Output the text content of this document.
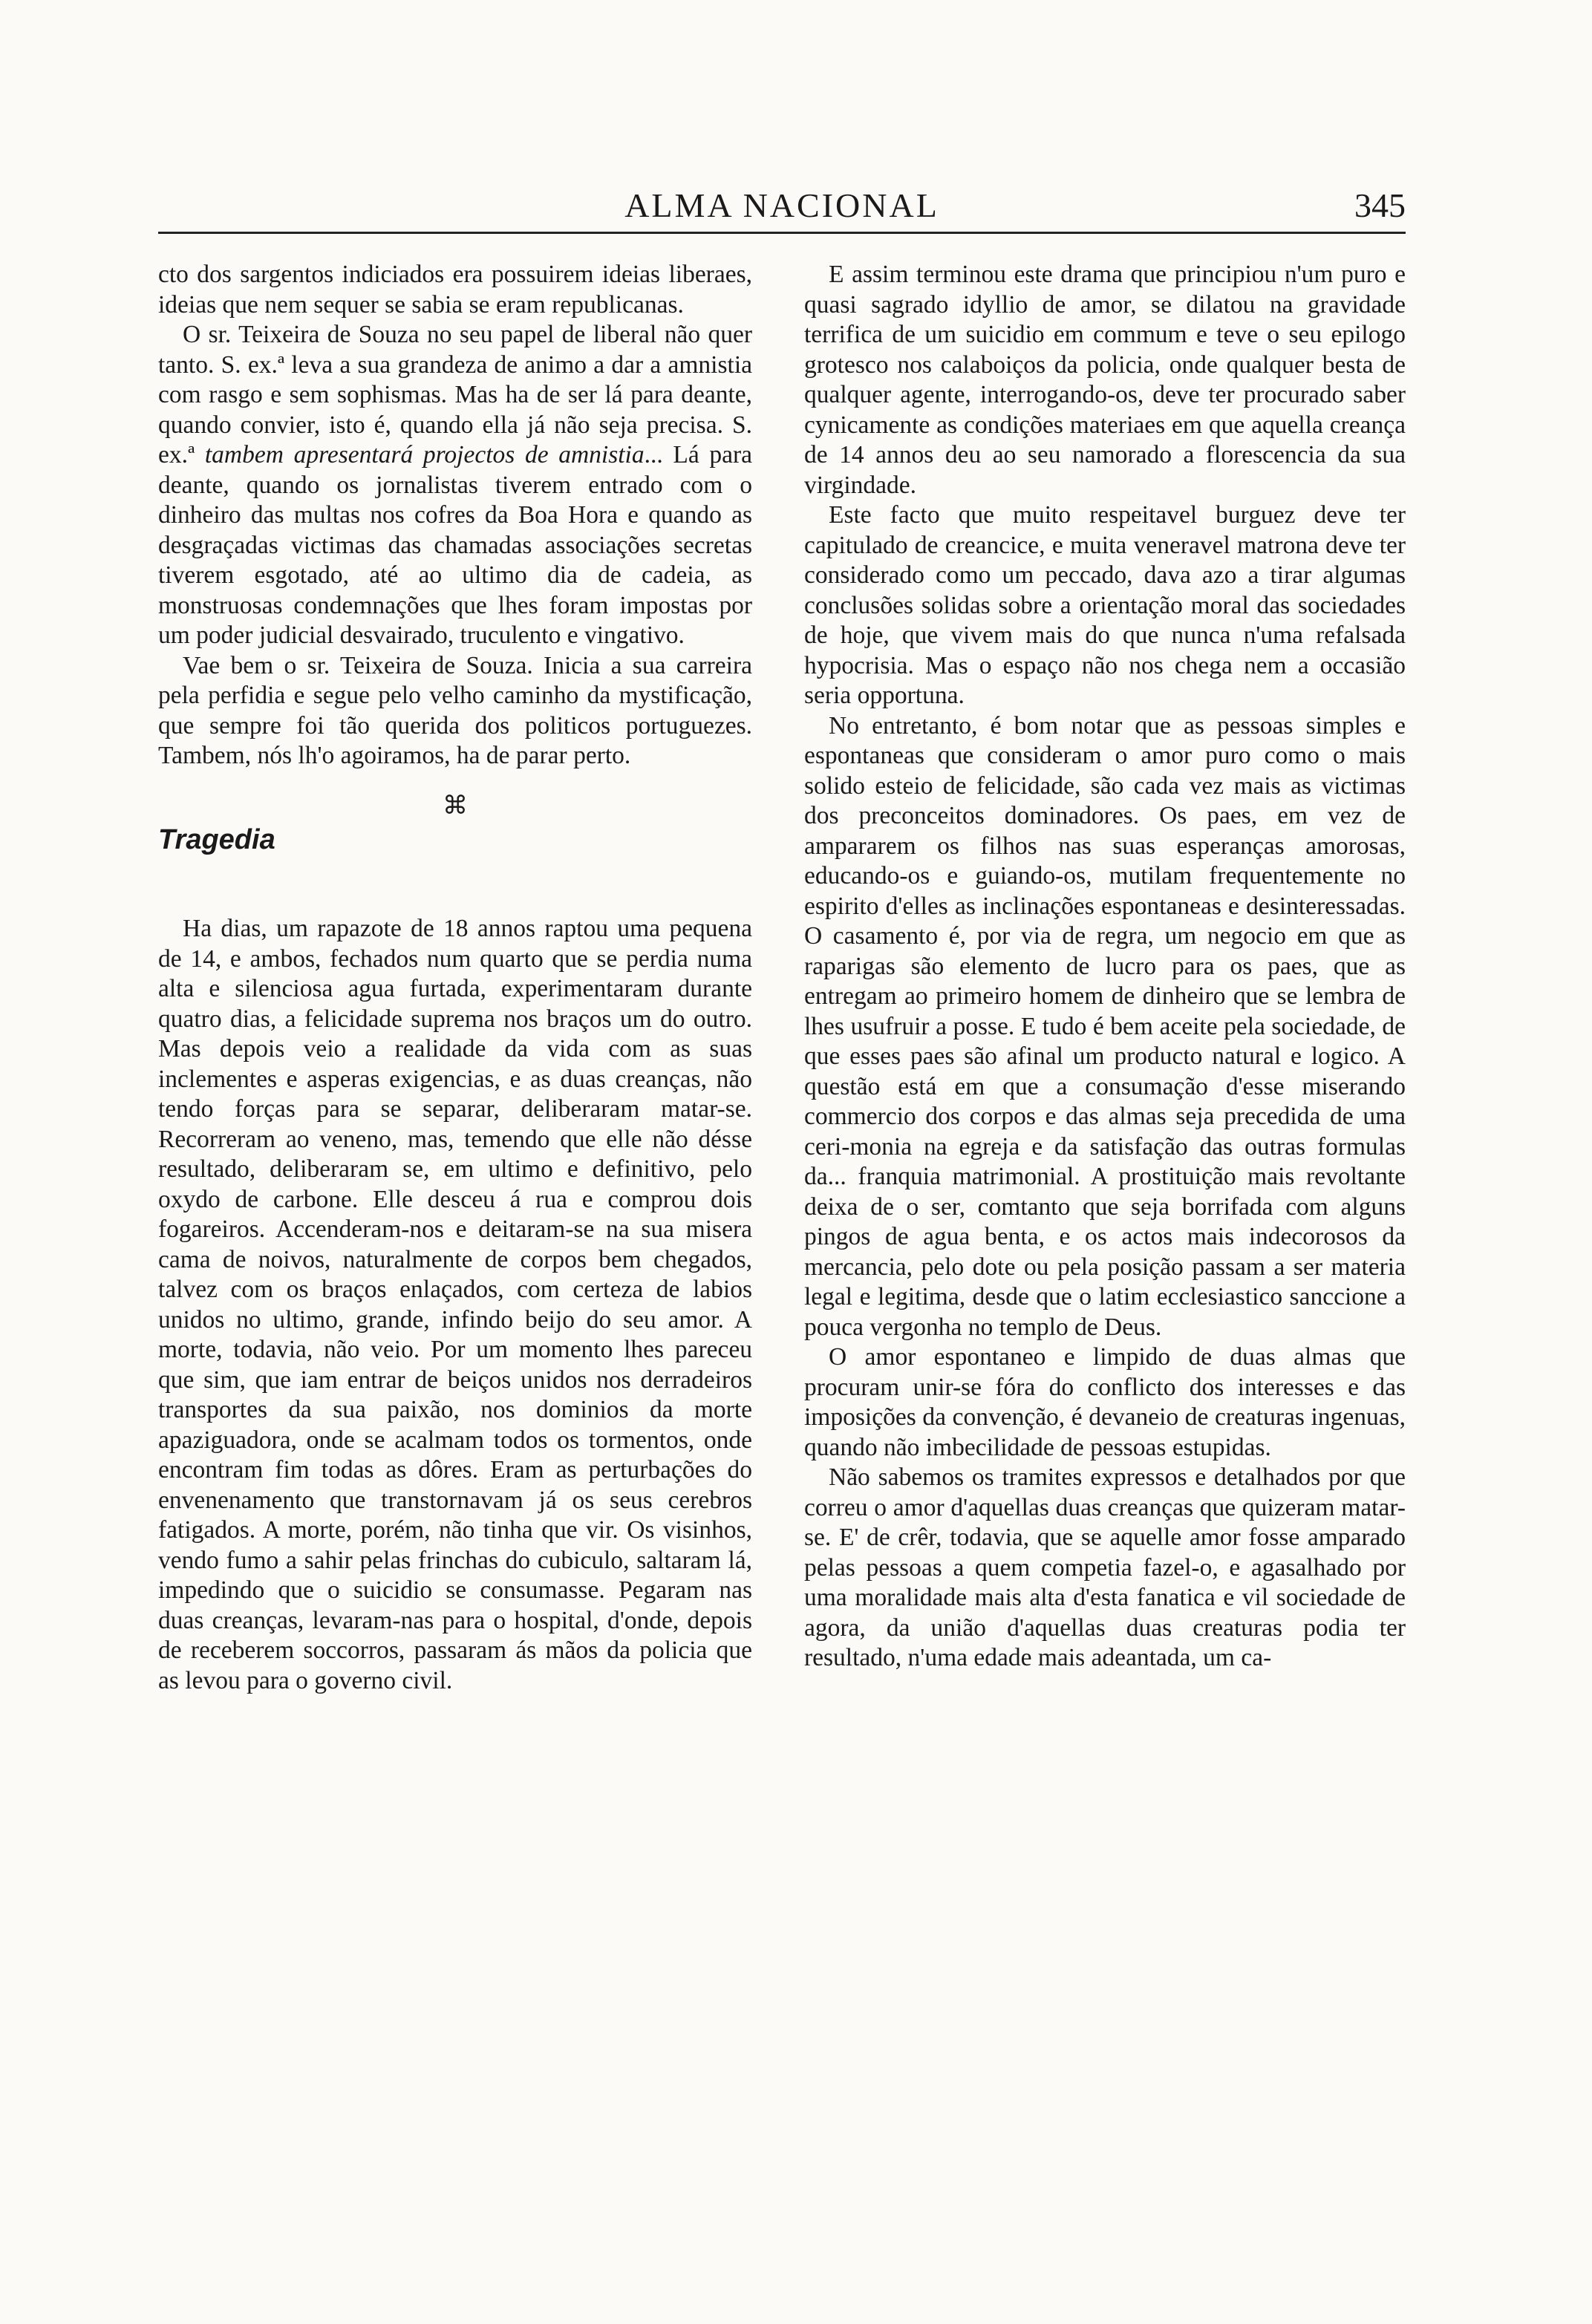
ALMA NACIONAL	345

cto dos sargentos indiciados era possuirem ideias liberaes, ideias que nem sequer se sabia se eram republicanas.

O sr. Teixeira de Souza no seu papel de liberal não quer tanto. S. ex.ª leva a sua grandeza de animo a dar a amnistia com rasgo e sem sophismas. Mas ha de ser lá para deante, quando convier, isto é, quando ella já não seja precisa. S. ex.ª tambem apresentará projectos de amnistia... Lá para deante, quando os jornalistas tiverem entrado com o dinheiro das multas nos cofres da Boa Hora e quando as desgraçadas victimas das chamadas associações secretas tiverem esgotado, até ao ultimo dia de cadeia, as monstruosas condemnações que lhes foram impostas por um poder judicial desvairado, truculento e vingativo.

Vae bem o sr. Teixeira de Souza. Inicia a sua carreira pela perfidia e segue pelo velho caminho da mystificação, que sempre foi tão querida dos politicos portuguezes. Tambem, nós lh'o agoiramos, ha de parar perto.

⌘
Tragedia

Ha dias, um rapazote de 18 annos raptou uma pequena de 14, e ambos, fechados num quarto que se perdia numa alta e silenciosa agua furtada, experimentaram durante quatro dias, a felicidade suprema nos braços um do outro. Mas depois veio a realidade da vida com as suas inclementes e asperas exigencias, e as duas creanças, não tendo forças para se separar, deliberaram matar-se. Recorreram ao veneno, mas, temendo que elle não désse resultado, deliberaram se, em ultimo e definitivo, pelo oxydo de carbone. Elle desceu á rua e comprou dois fogareiros. Accenderam-nos e deitaram-se na sua misera cama de noivos, naturalmente de corpos bem chegados, talvez com os braços enlaçados, com certeza de labios unidos no ultimo, grande, infindo beijo do seu amor. A morte, todavia, não veio. Por um momento lhes pareceu que sim, que iam entrar de beiços unidos nos derradeiros transportes da sua paixão, nos dominios da morte apaziguadora, onde se acalmam todos os tormentos, onde encontram fim todas as dôres. Eram as perturbações do envenenamento que transtornavam já os seus cerebros fatigados. A morte, porém, não tinha que vir. Os visinhos, vendo fumo a sahir pelas frinchas do cubiculo, saltaram lá, impedindo que o suicidio se consumasse. Pegaram nas duas creanças, levaram-nas para o hospital, d'onde, depois de receberem soccorros, passaram ás mãos da policia que as levou para o governo civil.

E assim terminou este drama que principiou n'um puro e quasi sagrado idyllio de amor, se dilatou na gravidade terrifica de um suicidio em commum e teve o seu epilogo grotesco nos calaboiços da policia, onde qualquer besta de qualquer agente, interrogando-os, deve ter procurado saber cynicamente as condições materiaes em que aquella creança de 14 annos deu ao seu namorado a florescencia da sua virgindade.

Este facto que muito respeitavel burguez deve ter capitulado de creancice, e muita veneravel matrona deve ter considerado como um peccado, dava azo a tirar algumas conclusões solidas sobre a orientação moral das sociedades de hoje, que vivem mais do que nunca n'uma refalsada hypocrisia. Mas o espaço não nos chega nem a occasião seria opportuna.

No entretanto, é bom notar que as pessoas simples e espontaneas que consideram o amor puro como o mais solido esteio de felicidade, são cada vez mais as victimas dos preconceitos dominadores. Os paes, em vez de ampararem os filhos nas suas esperanças amorosas, educando-os e guiando-os, mutilam frequentemente no espirito d'elles as inclinações espontaneas e desinteressadas. O casamento é, por via de regra, um negocio em que as raparigas são elemento de lucro para os paes, que as entregam ao primeiro homem de dinheiro que se lembra de lhes usufruir a posse. E tudo é bem aceite pela sociedade, de que esses paes são afinal um producto natural e logico. A questão está em que a consumação d'esse miserando commercio dos corpos e das almas seja precedida de uma ceri-monia na egreja e da satisfação das outras formulas da... franquia matrimonial. A prostituição mais revoltante deixa de o ser, comtanto que seja borrifada com alguns pingos de agua benta, e os actos mais indecorosos da mercancia, pelo dote ou pela posição passam a ser materia legal e legitima, desde que o latim ecclesiastico sanccione a pouca vergonha no templo de Deus.

O amor espontaneo e limpido de duas almas que procuram unir-se fóra do conflicto dos interesses e das imposições da convenção, é devaneio de creaturas ingenuas, quando não imbecilidade de pessoas estupidas.

Não sabemos os tramites expressos e detalhados por que correu o amor d'aquellas duas creanças que quizeram matar-se. E' de crêr, todavia, que se aquelle amor fosse amparado pelas pessoas a quem competia fazel-o, e agasalhado por uma moralidade mais alta d'esta fanatica e vil sociedade de agora, da união d'aquellas duas creaturas podia ter resultado, n'uma edade mais adeantada, um ca-
